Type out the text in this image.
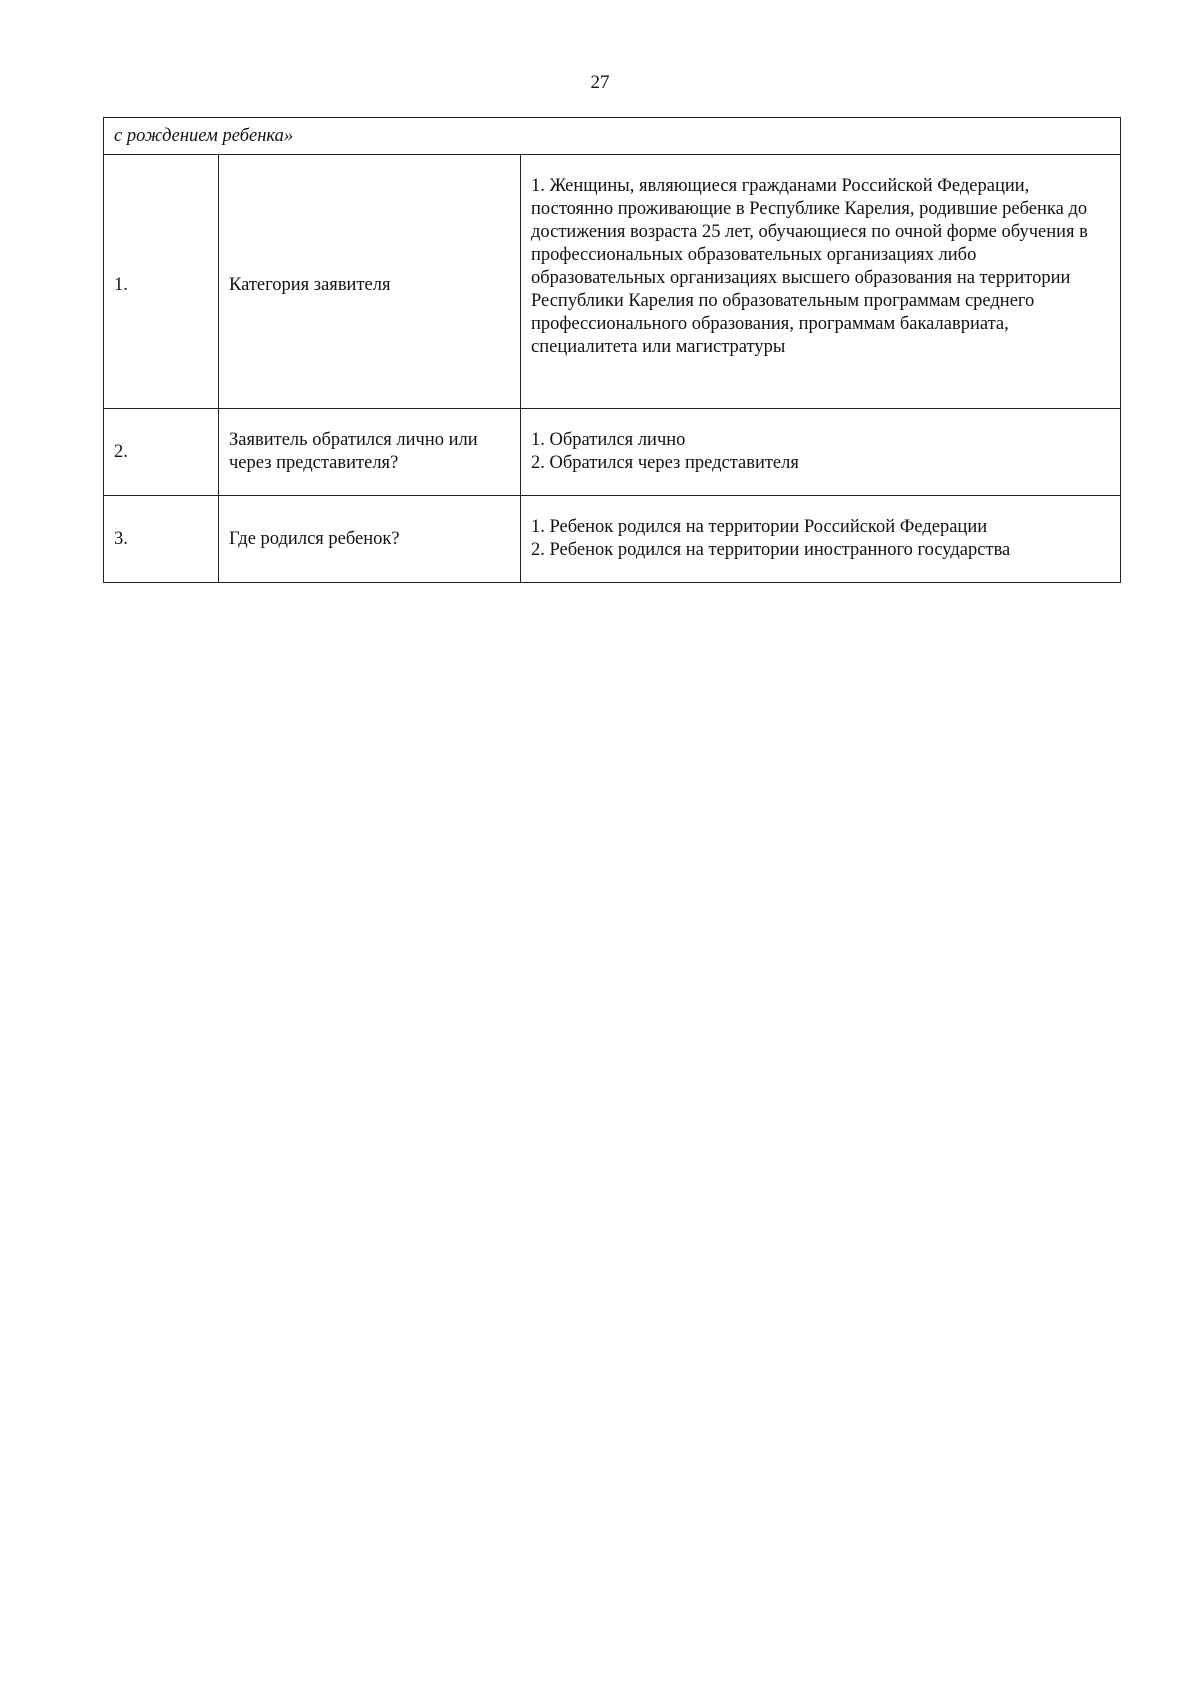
27
с рождением ребенка»		
1.	Категория заявителя	1. Женщины, являющиеся гражданами Российской Федерации, постоянно проживающие в Республике Карелия, родившие ребенка до достижения возраста 25 лет, обучающиеся по очной форме обучения в профессиональных образовательных организациях либо образовательных организациях высшего образования на территории Республики Карелия по образовательным программам среднего профессионального образования, программам бакалавриата, специалитета или магистратуры

2.	Заявитель обратился лично или через представителя?	1. Обратился лично
2. Обратился через представителя

3.	Где родился ребенок?	1. Ребенок родился на территории Российской Федерации
2. Ребенок родился на территории иностранного государства
